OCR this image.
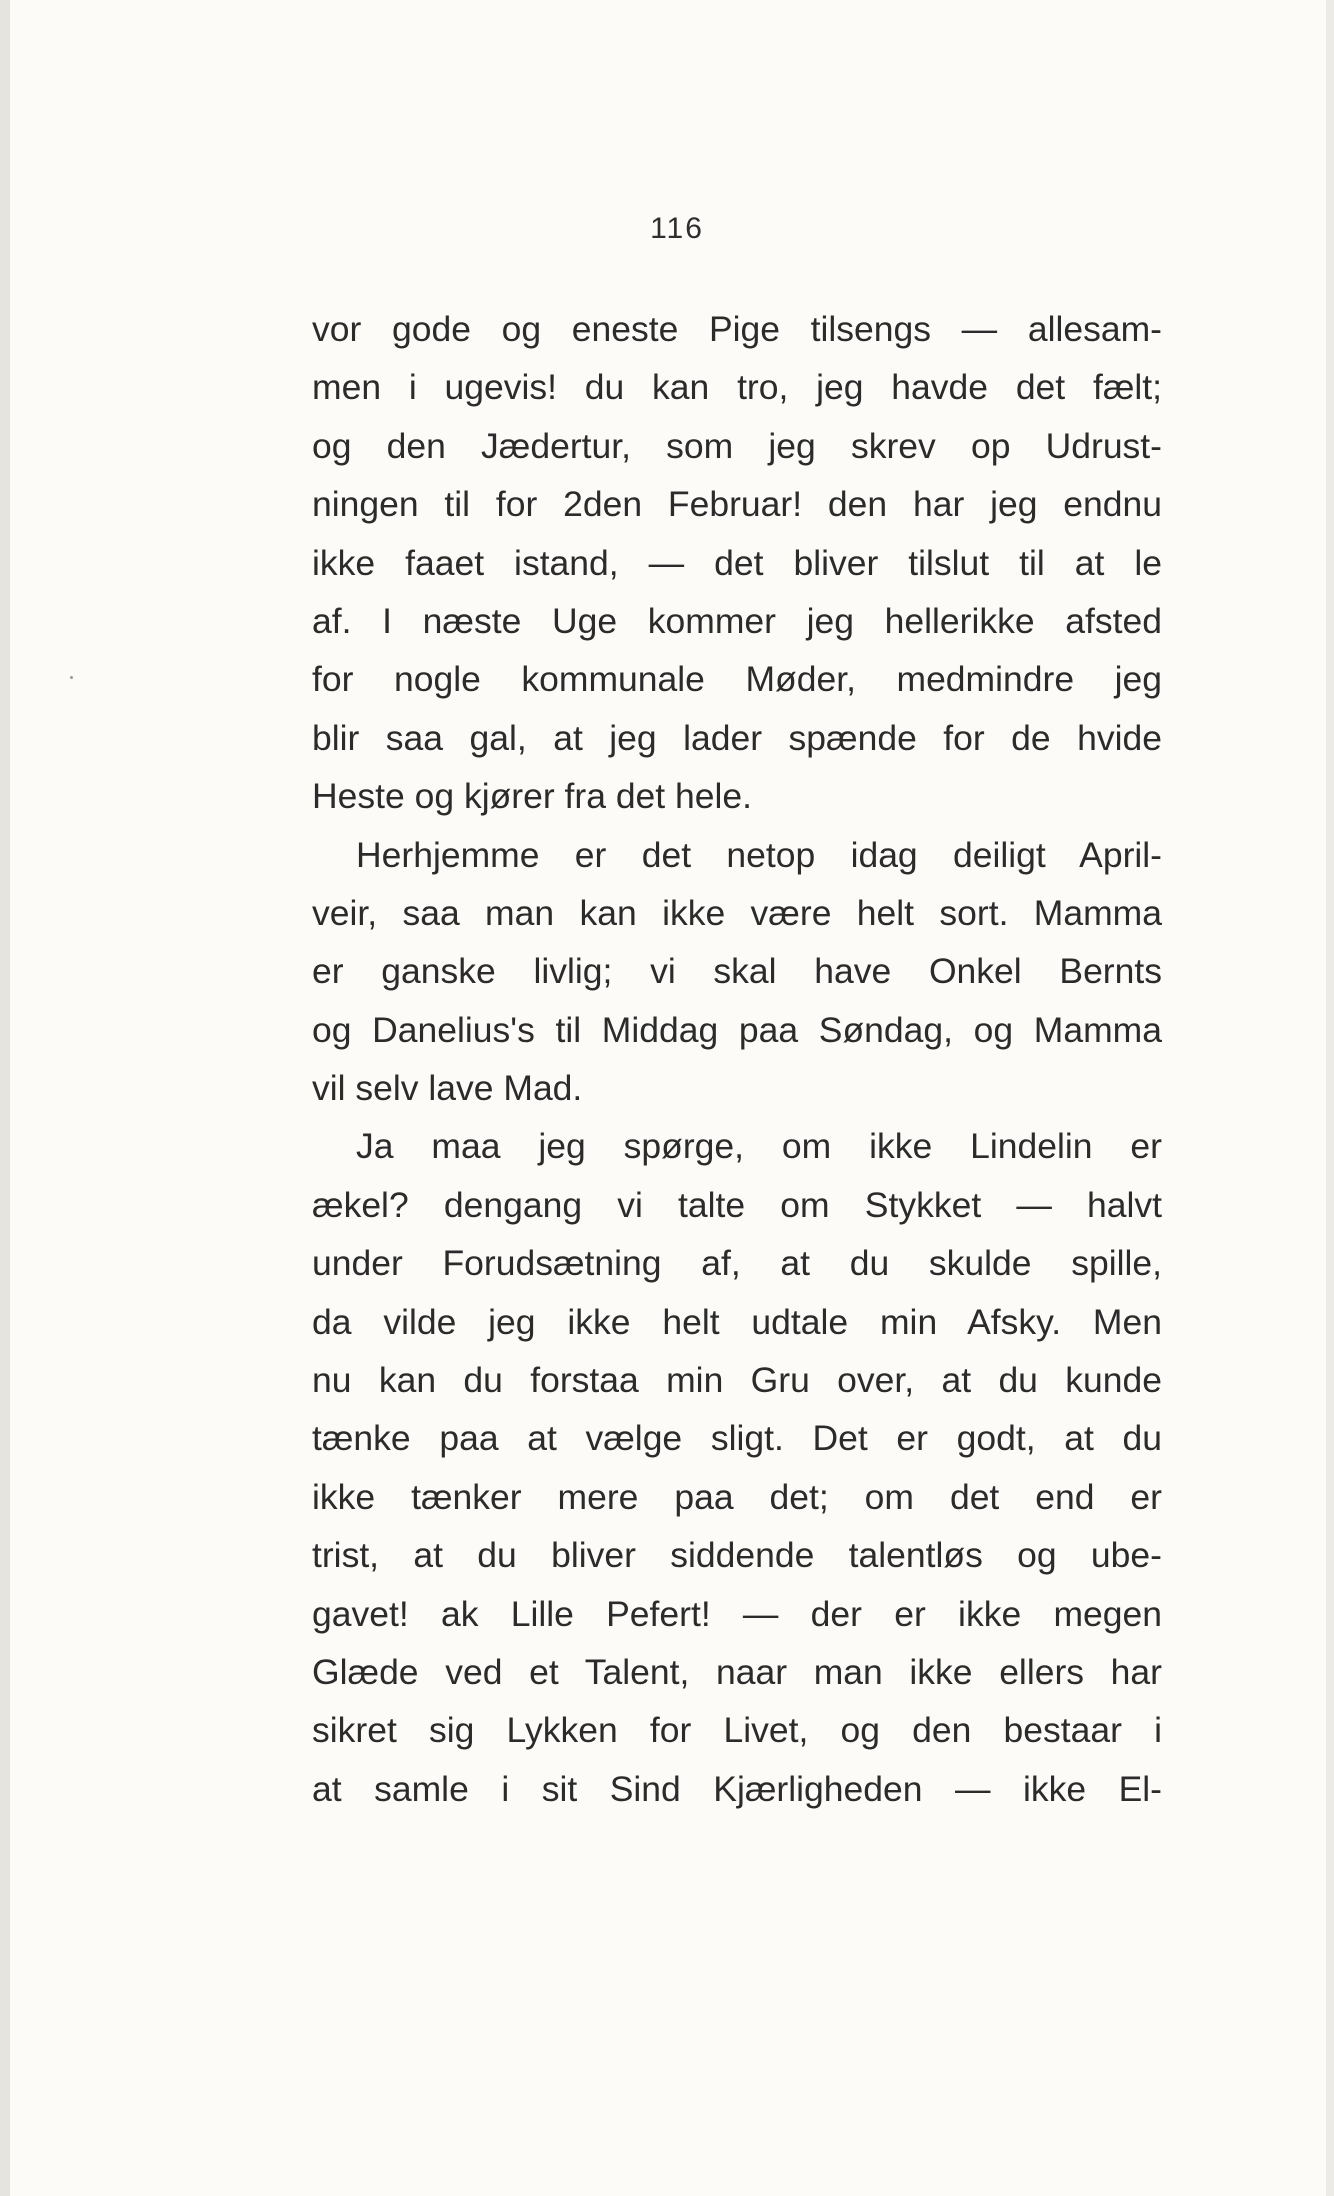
116
vor gode og eneste Pige tilsengs — allesam-
men i ugevis! du kan tro, jeg havde det fælt;
og den Jædertur, som jeg skrev op Udrust-
ningen til for 2den Februar! den har jeg endnu
ikke faaet istand, — det bliver tilslut til at le
af. I næste Uge kommer jeg hellerikke afsted
for nogle kommunale Møder, medmindre jeg
blir saa gal, at jeg lader spænde for de hvide
Heste og kjører fra det hele.
Herhjemme er det netop idag deiligt April-
veir, saa man kan ikke være helt sort. Mamma
er ganske livlig; vi skal have Onkel Bernts
og Danelius's til Middag paa Søndag, og Mamma
vil selv lave Mad.
Ja maa jeg spørge, om ikke Lindelin er
ækel? dengang vi talte om Stykket — halvt
under Forudsætning af, at du skulde spille,
da vilde jeg ikke helt udtale min Afsky. Men
nu kan du forstaa min Gru over, at du kunde
tænke paa at vælge sligt. Det er godt, at du
ikke tænker mere paa det; om det end er
trist, at du bliver siddende talentløs og ube-
gavet! ak Lille Pefert! — der er ikke megen
Glæde ved et Talent, naar man ikke ellers har
sikret sig Lykken for Livet, og den bestaar i
at samle i sit Sind Kjærligheden — ikke El-
